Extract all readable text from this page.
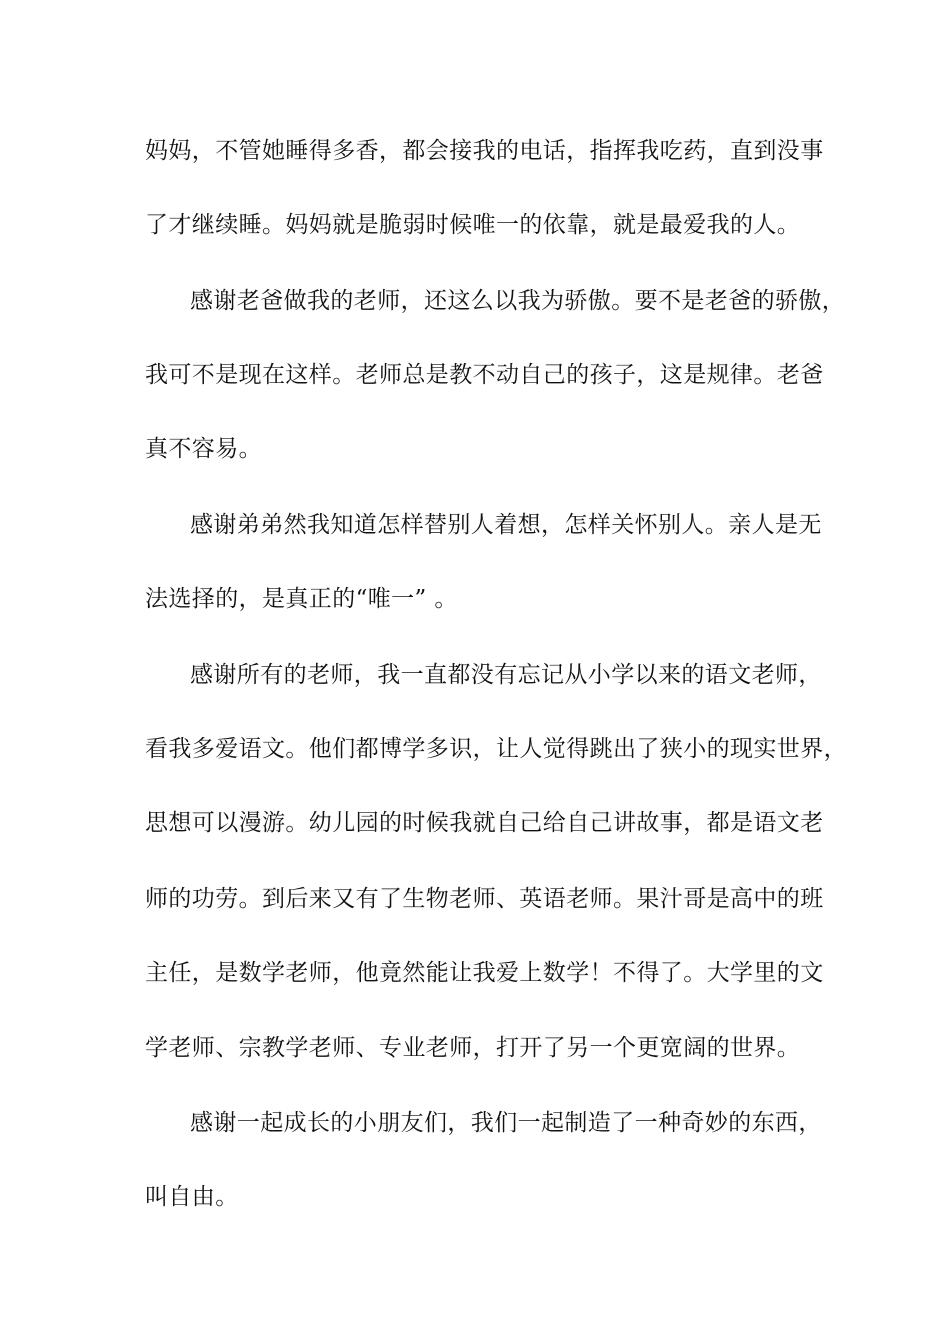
妈妈，不管她睡得多香，都会接我的电话，指挥我吃药，直到没事
了才继续睡。妈妈就是脆弱时候唯一的依靠，就是最爱我的人。
感谢老爸做我的老师，还这么以我为骄傲。要不是老爸的骄傲，
我可不是现在这样。老师总是教不动自己的孩子，这是规律。老爸
真不容易。
感谢弟弟然我知道怎样替别人着想，怎样关怀别人。亲人是无
法选择的，是真正的“唯一” 。
感谢所有的老师，我一直都没有忘记从小学以来的语文老师，
看我多爱语文。他们都博学多识，让人觉得跳出了狭小的现实世界，
思想可以漫游。幼儿园的时候我就自己给自己讲故事，都是语文老
师的功劳。到后来又有了生物老师、英语老师。果汁哥是高中的班
主任，是数学老师，他竟然能让我爱上数学！不得了。大学里的文
学老师、宗教学老师、专业老师，打开了另一个更宽阔的世界。
感谢一起成长的小朋友们，我们一起制造了一种奇妙的东西，
叫自由。
